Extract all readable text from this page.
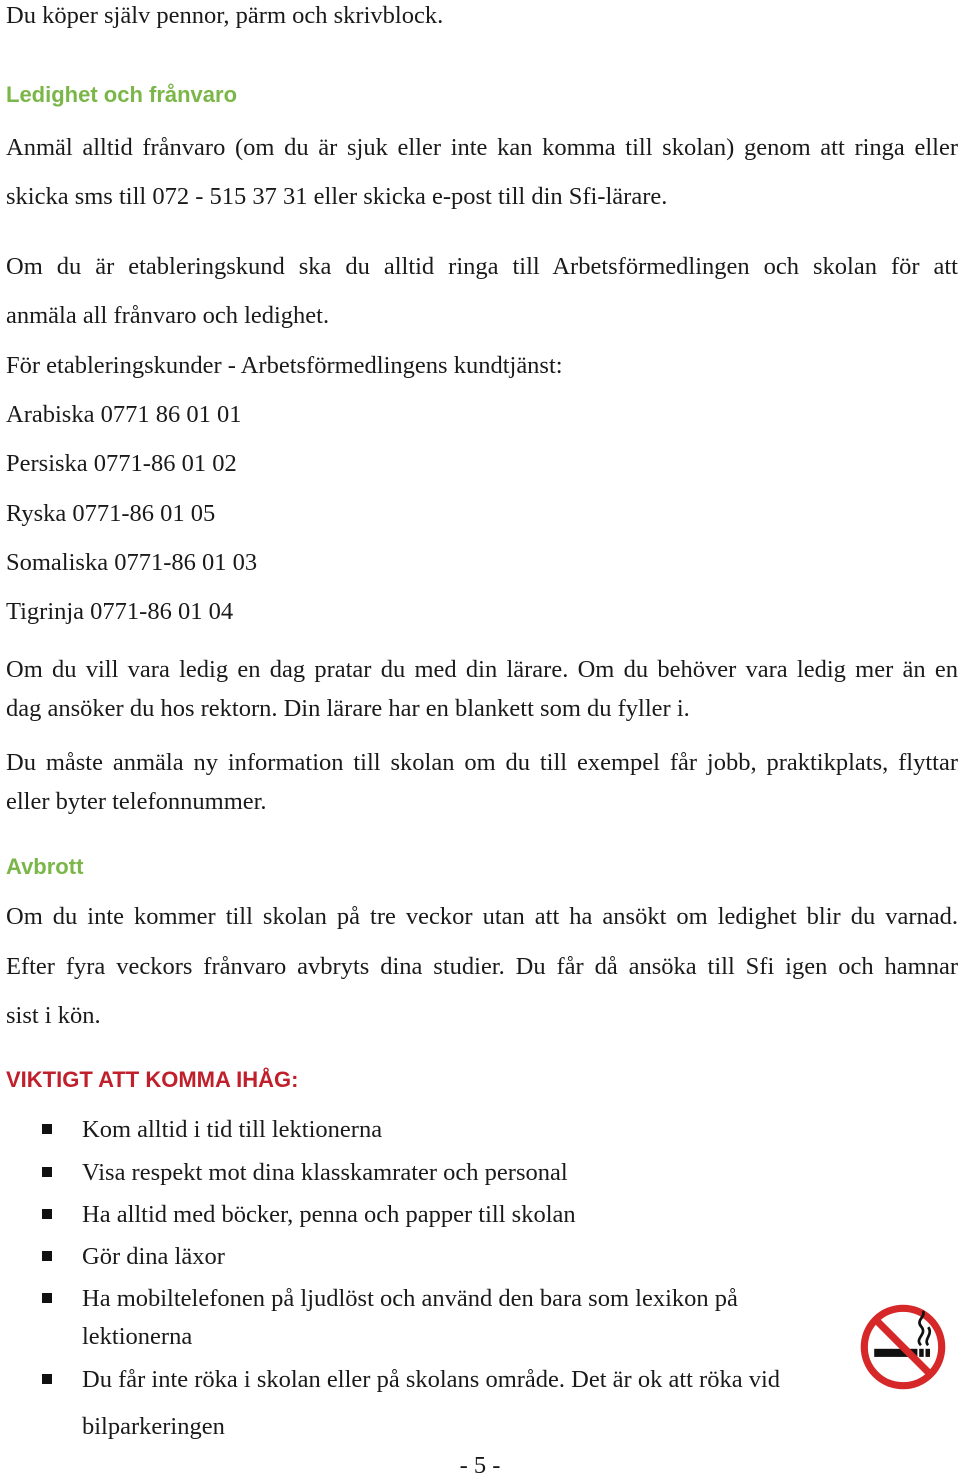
Du köper själv pennor, pärm och skrivblock.

Ledighet och frånvaro

Anmäl alltid frånvaro (om du är sjuk eller inte kan komma till skolan) genom att ringa eller

skicka sms till 072 - 515 37 31 eller skicka e-post till din Sfi-lärare.

Om du är etableringskund ska du alltid ringa till Arbetsförmedlingen och skolan för att

anmäla all frånvaro och ledighet.

För etableringskunder - Arbetsförmedlingens kundtjänst:

Arabiska 0771 86 01 01

Persiska 0771-86 01 02

Ryska 0771-86 01 05

Somaliska 0771-86 01 03

Tigrinja 0771-86 01 04

Om du vill vara ledig en dag pratar du med din lärare. Om du behöver vara ledig mer än en

dag ansöker du hos rektorn. Din lärare har en blankett som du fyller i.

Du måste anmäla ny information till skolan om du till exempel får jobb, praktikplats, flyttar

eller byter telefonnummer.

Avbrott

Om du inte kommer till skolan på tre veckor utan att ha ansökt om ledighet blir du varnad.

Efter fyra veckors frånvaro avbryts dina studier. Du får då ansöka till Sfi igen och hamnar

sist i kön.

VIKTIGT ATT KOMMA IHÅG:

Kom alltid i tid till lektionerna

Visa respekt mot dina klasskamrater och personal

Ha alltid med böcker, penna och papper till skolan

Gör dina läxor

Ha mobiltelefonen på ljudlöst och använd den bara som lexikon på

lektionerna

Du får inte röka i skolan eller på skolans område. Det är ok att röka vid

bilparkeringen

- 5 -
